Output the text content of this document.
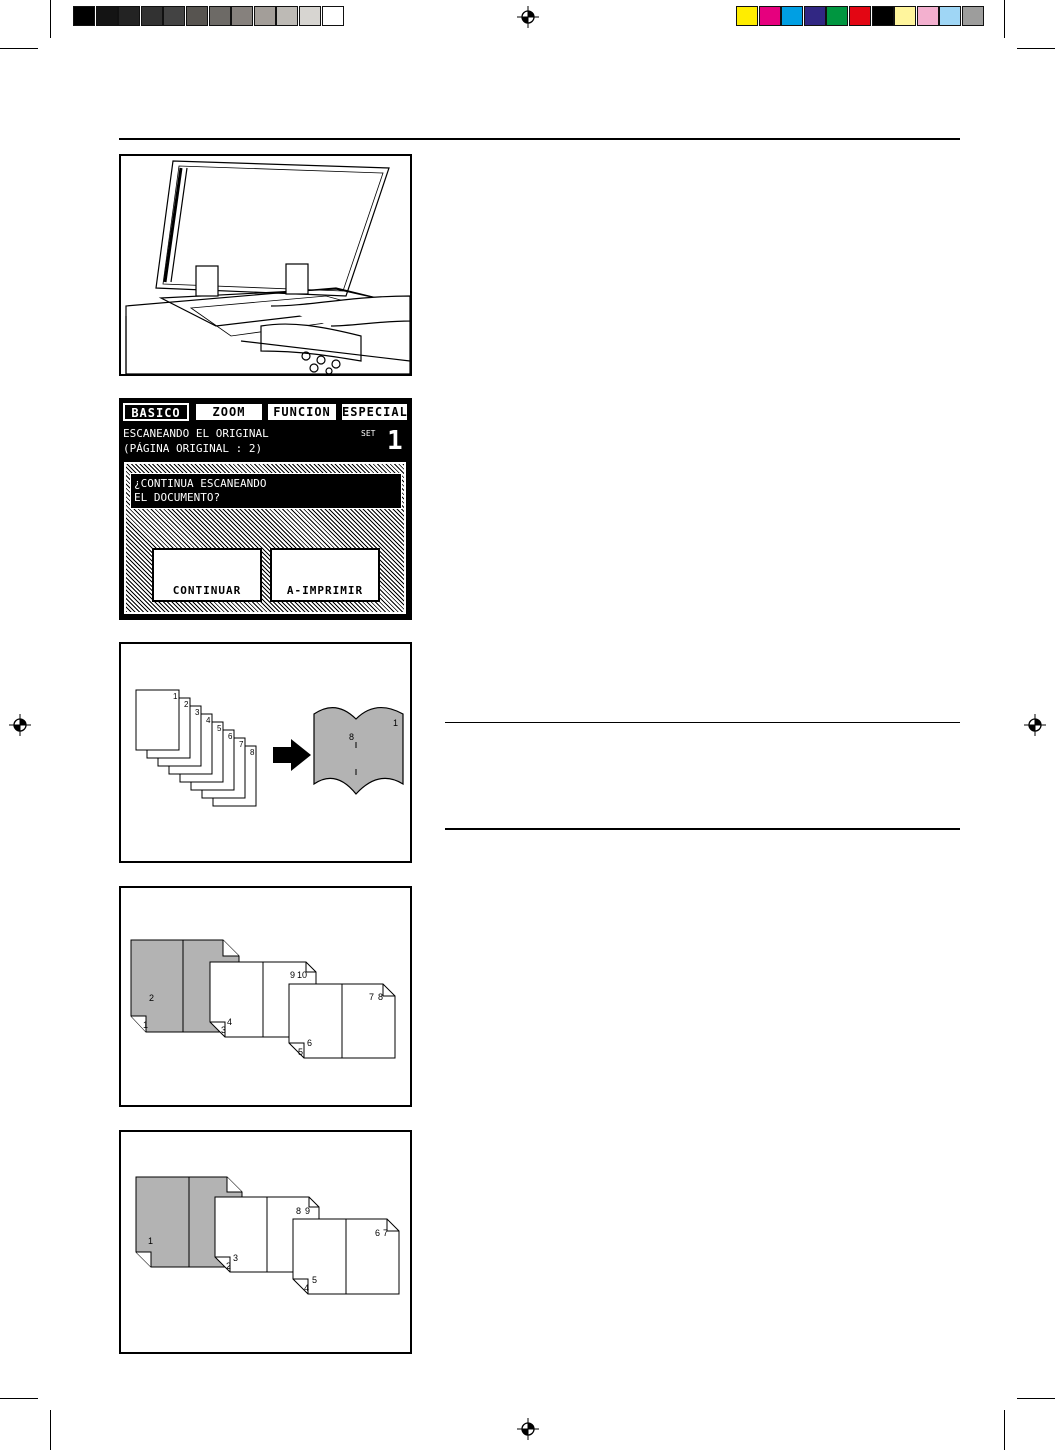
BASICO	ZOOM	FUNCION ESPECIAL
ESCANEANDO EL ORIGINAL
(PÁGINA ORIGINAL : 2)
SET 1
¿CONTINUA ESCANEANDO
EL DOCUMENTO?
CONTINUAR	A-IMPRIMIR
8
7
6
5
4
3
2
1
1
8
1
2
3
4
9 10
5
6
7 8
1
2
3
8 9
4
5
6 7
